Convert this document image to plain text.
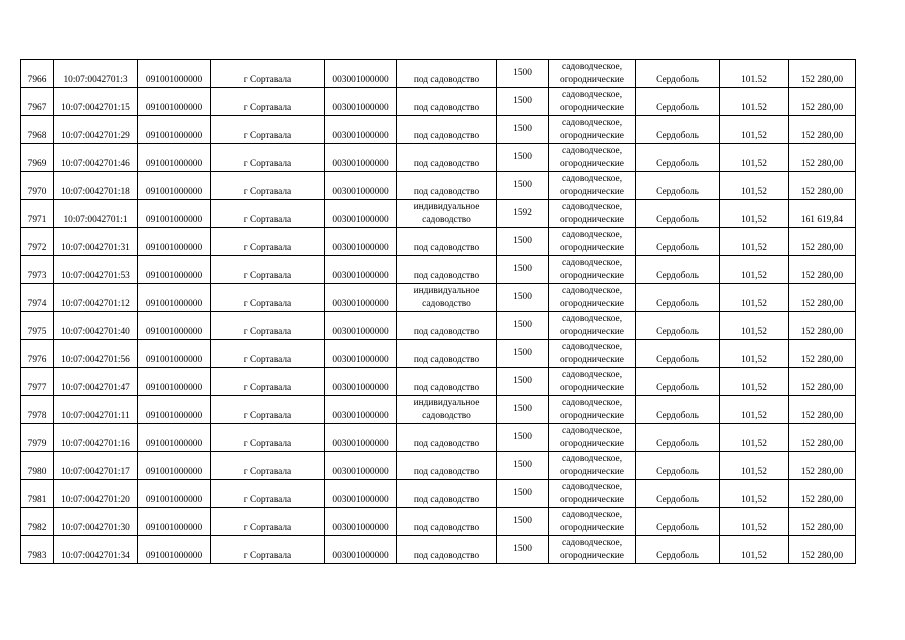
7966	10:07:0042701:3	091001000000	г Сортавала	003001000000	под садоводство	1500	садоводческое, огороднические	Сердоболь	101.52	152 280,00
7967	10:07:0042701:15	091001000000	г Сортавала	003001000000	под садоводство	1500	садоводческое, огороднические	Сердоболь	101.52	152 280,00
7968	10:07:0042701:29	091001000000	г Сортавала	003001000000	под садоводство	1500	садоводческое, огороднические	Сердоболь	101,52	152 280,00
7969	10:07:0042701:46	091001000000	г Сортавала	003001000000	под садоводство	1500	садоводческое, огороднические	Сердоболь	101,52	152 280,00
7970	10:07:0042701:18	091001000000	г Сортавала	003001000000	под садоводство	1500	садоводческое, огороднические	Сердоболь	101,52	152 280,00
7971	10:07:0042701:1	091001000000	г Сортавала	003001000000	индивидуальное садоводство	1592	садоводческое, огороднические	Сердоболь	101,52	161 619,84
7972	10:07:0042701:31	091001000000	г Сортавала	003001000000	под садоводство	1500	садоводческое, огороднические	Сердоболь	101,52	152 280,00
7973	10:07:0042701:53	091001000000	г Сортавала	003001000000	под садоводство	1500	садоводческое, огороднические	Сердоболь	101,52	152 280,00
7974	10:07:0042701:12	091001000000	г Сортавала	003001000000	индивидуальное садоводство	1500	садоводческое, огороднические	Сердоболь	101,52	152 280,00
7975	10:07:0042701:40	091001000000	г Сортавала	003001000000	под садоводство	1500	садоводческое, огороднические	Сердоболь	101,52	152 280,00
7976	10:07:0042701:56	091001000000	г Сортавала	003001000000	под садоводство	1500	садоводческое, огороднические	Сердоболь	101,52	152 280,00
7977	10:07:0042701:47	091001000000	г Сортавала	003001000000	под садоводство	1500	садоводческое, огороднические	Сердоболь	101,52	152 280,00
7978	10:07:0042701:11	091001000000	г Сортавала	003001000000	индивидуальное садоводство	1500	садоводческое, огороднические	Сердоболь	101,52	152 280,00
7979	10:07:0042701:16	091001000000	г Сортавала	003001000000	под садоводство	1500	садоводческое, огороднические	Сердоболь	101,52	152 280,00
7980	10:07:0042701:17	091001000000	г Сортавала	003001000000	под садоводство	1500	садоводческое, огороднические	Сердоболь	101,52	152 280,00
7981	10:07:0042701:20	091001000000	г Сортавала	003001000000	под садоводство	1500	садоводческое, огороднические	Сердоболь	101,52	152 280,00
7982	10:07:0042701:30	091001000000	г Сортавала	003001000000	под садоводство	1500	садоводческое, огороднические	Сердоболь	101,52	152 280,00
7983	10:07:0042701:34	091001000000	г Сортавала	003001000000	под садоводство	1500	садоводческое, огороднические	Сердоболь	101,52	152 280,00
